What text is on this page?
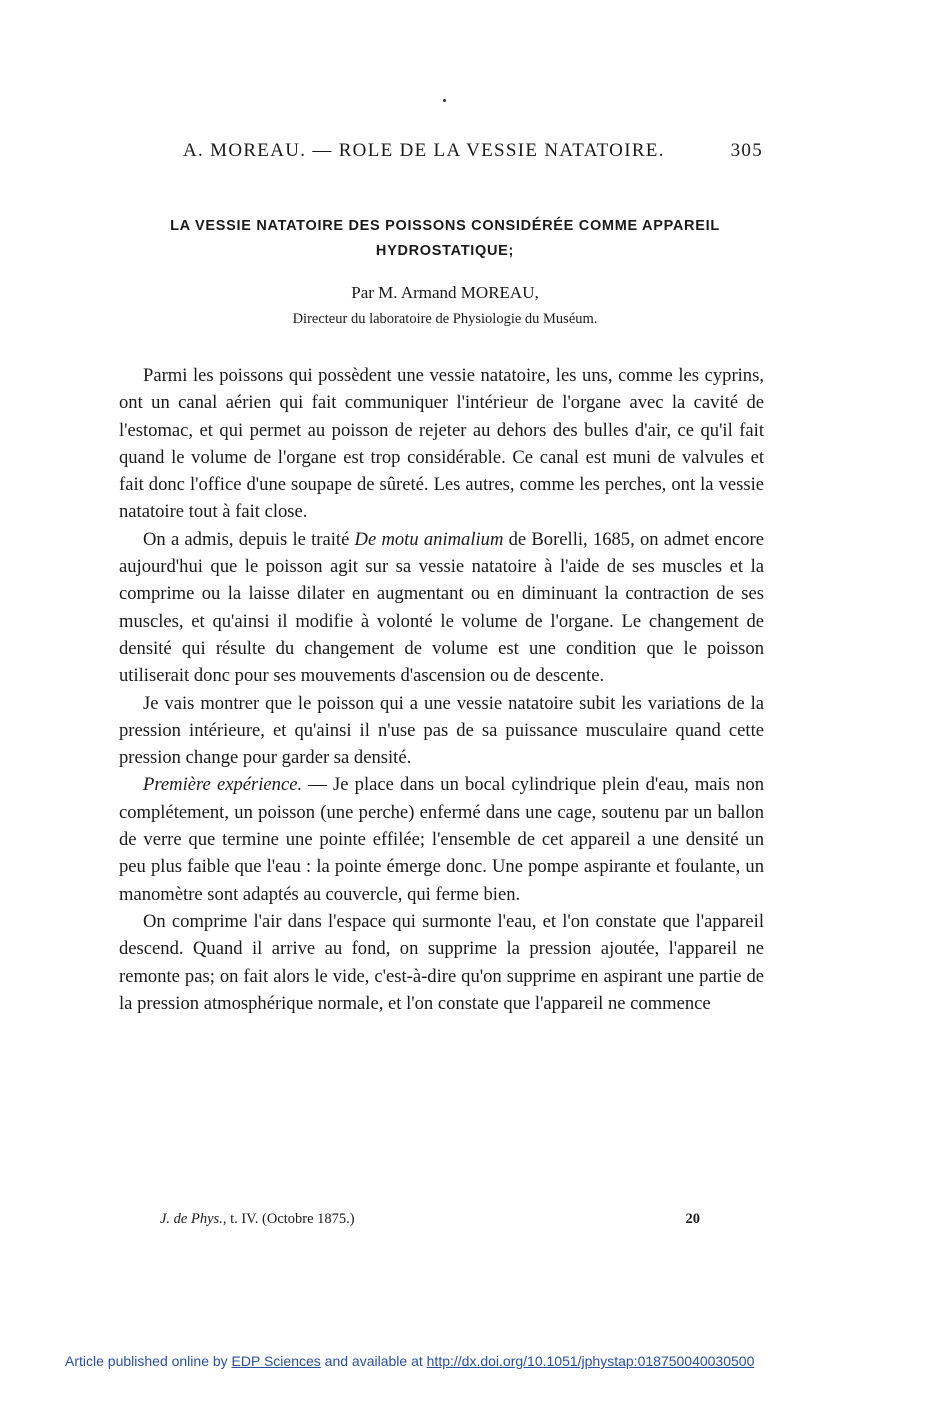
A. MOREAU. — ROLE DE LA VESSIE NATATOIRE.	305
LA VESSIE NATATOIRE DES POISSONS CONSIDÉRÉE COMME APPAREIL HYDROSTATIQUE;
Par M. Armand MOREAU,
Directeur du laboratoire de Physiologie du Muséum.

Parmi les poissons qui possèdent une vessie natatoire, les uns, comme les cyprins, ont un canal aérien qui fait communiquer l'intérieur de l'organe avec la cavité de l'estomac, et qui permet au poisson de rejeter au dehors des bulles d'air, ce qu'il fait quand le volume de l'organe est trop considérable. Ce canal est muni de valvules et fait donc l'office d'une soupape de sûreté. Les autres, comme les perches, ont la vessie natatoire tout à fait close.

On a admis, depuis le traité De motu animalium de Borelli, 1685, on admet encore aujourd'hui que le poisson agit sur sa vessie natatoire à l'aide de ses muscles et la comprime ou la laisse dilater en augmentant ou en diminuant la contraction de ses muscles, et qu'ainsi il modifie à volonté le volume de l'organe. Le changement de densité qui résulte du changement de volume est une condition que le poisson utiliserait donc pour ses mouvements d'ascension ou de descente.

Je vais montrer que le poisson qui a une vessie natatoire subit les variations de la pression intérieure, et qu'ainsi il n'use pas de sa puissance musculaire quand cette pression change pour garder sa densité.

Première expérience. — Je place dans un bocal cylindrique plein d'eau, mais non complétement, un poisson (une perche) enfermé dans une cage, soutenu par un ballon de verre que termine une pointe effilée; l'ensemble de cet appareil a une densité un peu plus faible que l'eau : la pointe émerge donc. Une pompe aspirante et foulante, un manomètre sont adaptés au couvercle, qui ferme bien.

On comprime l'air dans l'espace qui surmonte l'eau, et l'on constate que l'appareil descend. Quand il arrive au fond, on supprime la pression ajoutée, l'appareil ne remonte pas; on fait alors le vide, c'est-à-dire qu'on supprime en aspirant une partie de la pression atmosphérique normale, et l'on constate que l'appareil ne commence

J. de Phys., t. IV. (Octobre 1875.)	20
Article published online by EDP Sciences and available at http://dx.doi.org/10.1051/jphystap:018750040030500
